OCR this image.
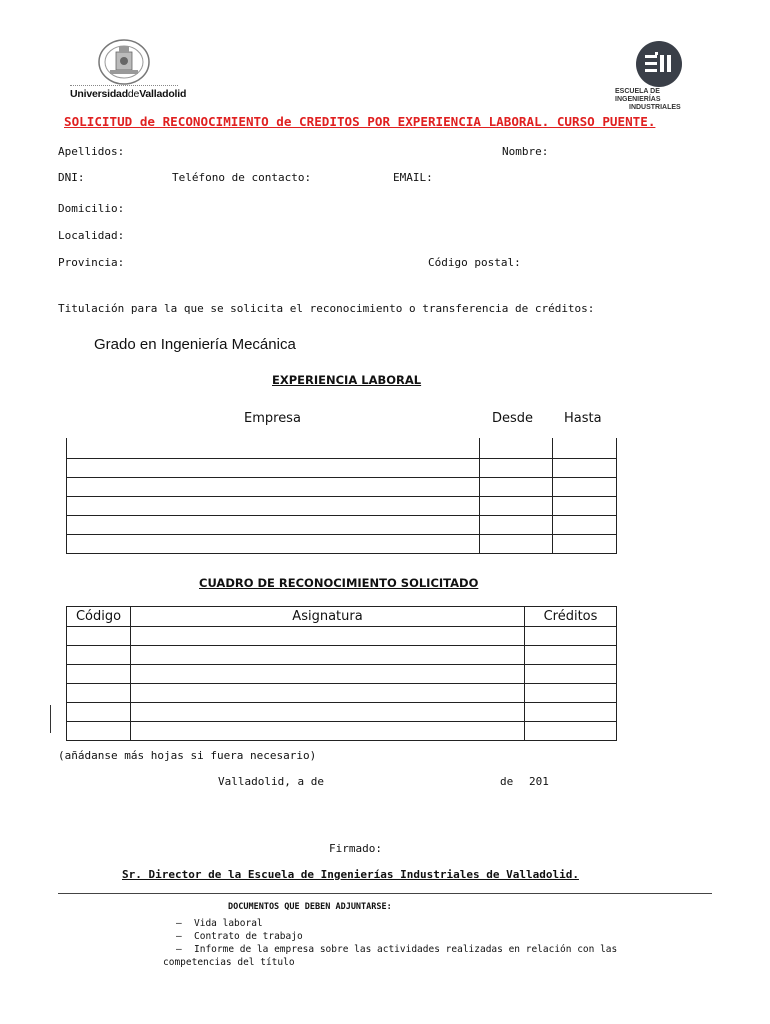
UniversidaddeValladolid	ESCUELA DE INGENIERÍAS
INDUSTRIALES
SOLICITUD de RECONOCIMIENTO de CREDITOS POR EXPERIENCIA LABORAL. CURSO PUENTE.
Apellidos:	Nombre:
DNI:	Teléfono de contacto:	EMAIL:
Domicilio:
Localidad:
Provincia:	Código postal:
Titulación para la que se solicita el reconocimiento o transferencia de créditos:
Grado en Ingeniería Mecánica
EXPERIENCIA LABORAL
Empresa	Desde Hasta

CUADRO DE RECONOCIMIENTO SOLICITADO
Código	Asignatura	Créditos

(añádanse más hojas si fuera necesario)
Valladolid, a de	de 201
Firmado:
Sr. Director de la Escuela de Ingenierías Industriales de Valladolid.
DOCUMENTOS QUE DEBEN ADJUNTARSE:
– Vida laboral
– Contrato de trabajo
– Informe de la empresa sobre las actividades realizadas en relación con las
competencias del título
